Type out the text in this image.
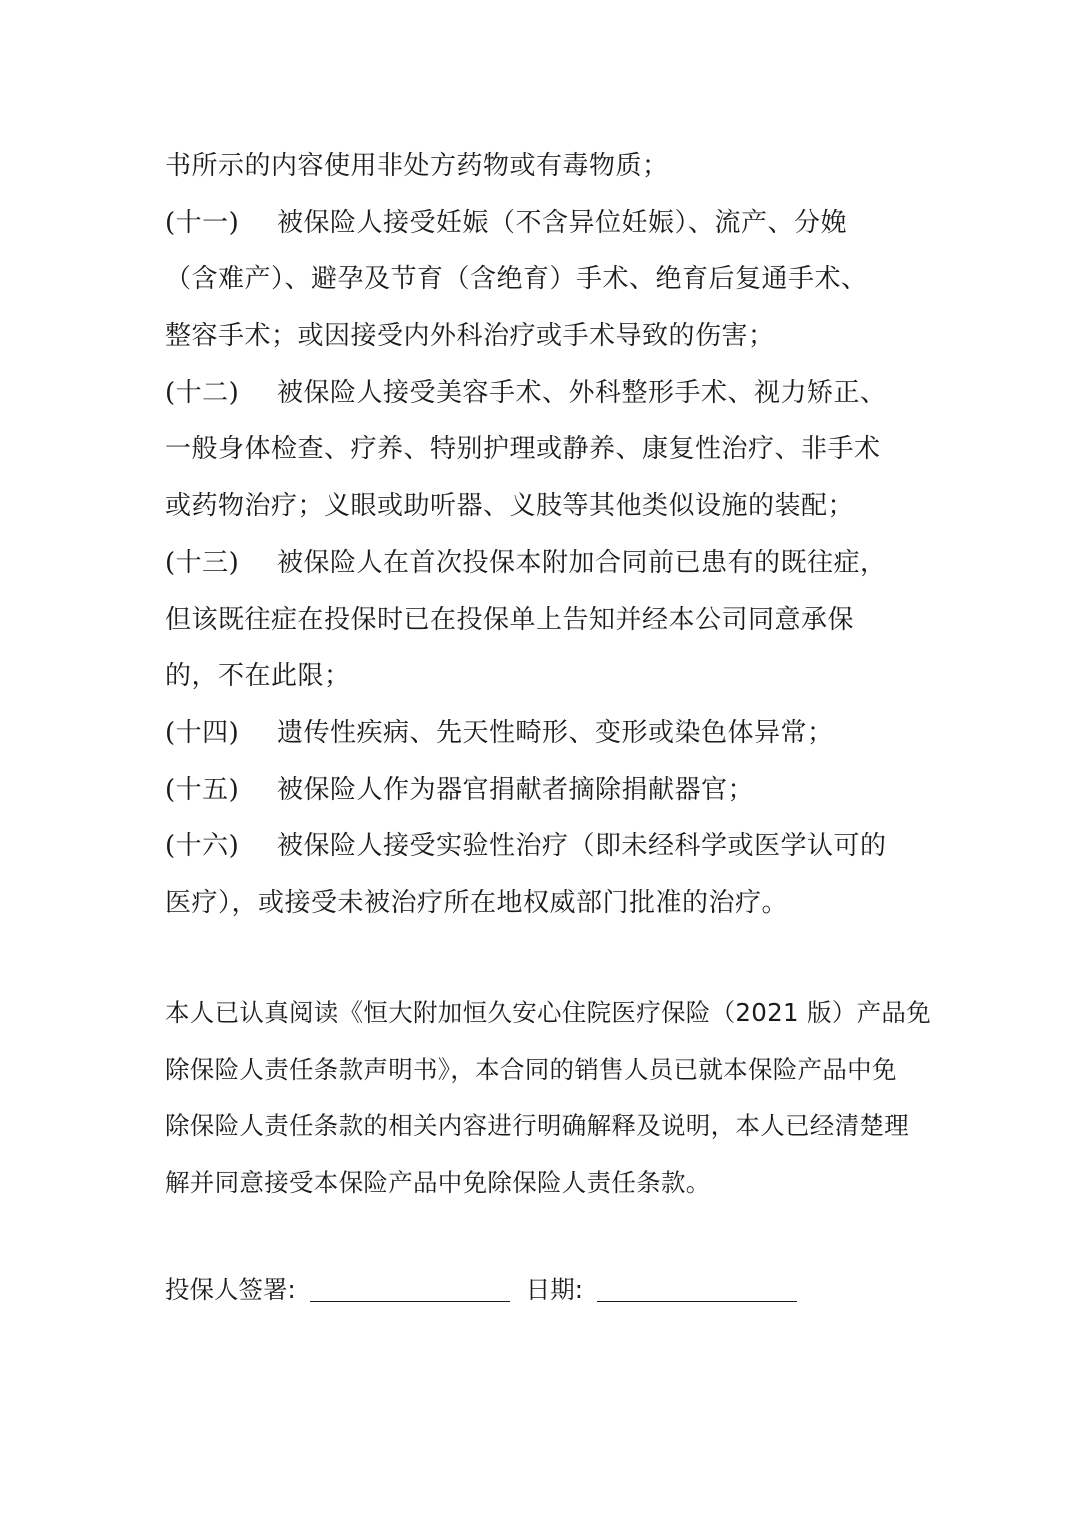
书所示的内容使用非处方药物或有毒物质；
(十一) 被保险人接受妊娠（不含异位妊娠）、流产、分娩
（含难产）、避孕及节育（含绝育）手术、绝育后复通手术、
整容手术；或因接受内外科治疗或手术导致的伤害；
(十二) 被保险人接受美容手术、外科整形手术、视力矫正、
一般身体检查、疗养、特别护理或静养、康复性治疗、非手术
或药物治疗；义眼或助听器、义肢等其他类似设施的装配；
(十三) 被保险人在首次投保本附加合同前已患有的既往症，
但该既往症在投保时已在投保单上告知并经本公司同意承保
的，不在此限；
(十四) 遗传性疾病、先天性畸形、变形或染色体异常；
(十五) 被保险人作为器官捐献者摘除捐献器官；
(十六) 被保险人接受实验性治疗（即未经科学或医学认可的
医疗），或接受未被治疗所在地权威部门批准的治疗。
本人已认真阅读《恒大附加恒久安心住院医疗保险（2021 版）产品免
除保险人责任条款声明书》，本合同的销售人员已就本保险产品中免
除保险人责任条款的相关内容进行明确解释及说明，本人已经清楚理
解并同意接受本保险产品中免除保险人责任条款。
投保人签署:	日期:
